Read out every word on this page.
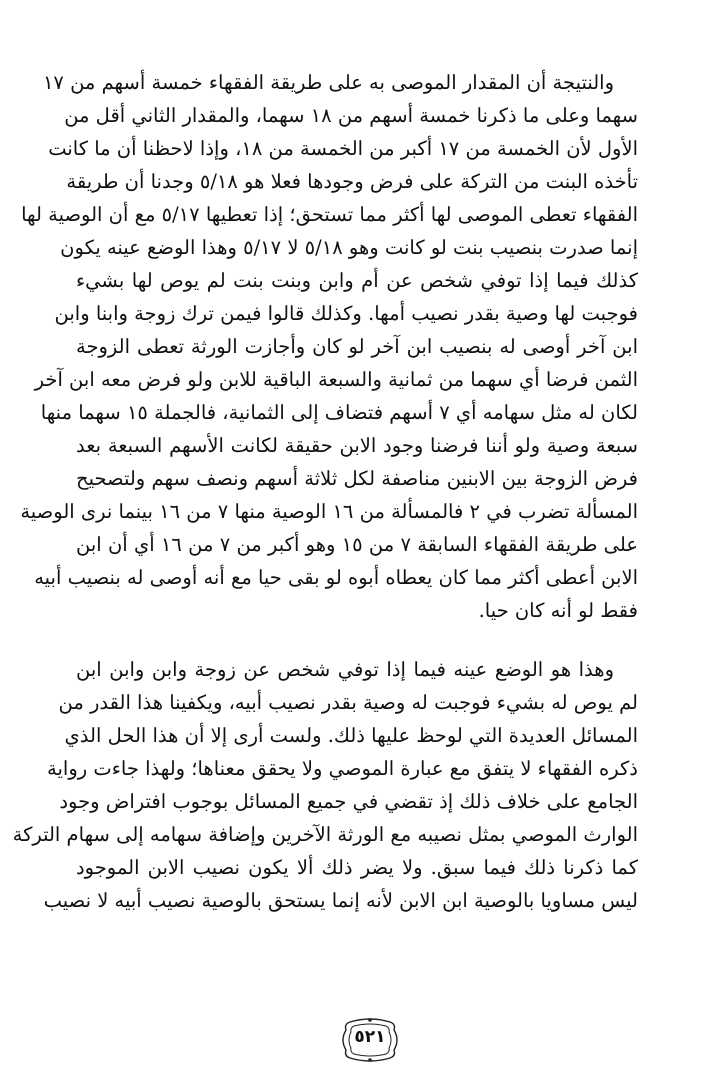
والنتيجة أن المقدار الموصى به على طريقة الفقهاء خمسة أسهم من ١٧
سهما وعلى ما ذكرنا خمسة أسهم من ١٨ سهما، والمقدار الثاني أقل من
الأول لأن الخمسة من ١٧ أكبر من الخمسة من ١٨، وإذا لاحظنا أن ما كانت
تأخذه البنت من التركة على فرض وجودها فعلا هو ٥/١٨ وجدنا أن طريقة
الفقهاء تعطى الموصى لها أكثر مما تستحق؛ إذا تعطيها ٥/١٧ مع أن الوصية لها
إنما صدرت بنصيب بنت لو كانت وهو ٥/١٨ لا ٥/١٧ وهذا الوضع عينه يكون
كذلك فيما إذا توفي شخص عن أم وابن وبنت بنت لم يوص لها بشيء
فوجبت لها وصية بقدر نصيب أمها. وكذلك قالوا فيمن ترك زوجة وابنا وابن
ابن آخر أوصى له بنصيب ابن آخر لو كان وأجازت الورثة تعطى الزوجة
الثمن فرضا أي سهما من ثمانية والسبعة الباقية للابن ولو فرض معه ابن آخر
لكان له مثل سهامه أي ٧ أسهم فتضاف إلى الثمانية، فالجملة ١٥ سهما منها
سبعة وصية ولو أننا فرضنا وجود الابن حقيقة لكانت الأسهم السبعة بعد
فرض الزوجة بين الابنين مناصفة لكل ثلاثة أسهم ونصف سهم ولتصحيح
المسألة تضرب في ٢ فالمسألة من ١٦ الوصية منها ٧ من ١٦ بينما نرى الوصية
على طريقة الفقهاء السابقة ٧ من ١٥ وهو أكبر من ٧ من ١٦ أي أن ابن
الابن أعطى أكثر مما كان يعطاه أبوه لو بقى حيا مع أنه أوصى له بنصيب أبيه
فقط لو أنه كان حيا.
وهذا هو الوضع عينه فيما إذا توفي شخص عن زوجة وابن وابن ابن
لم يوص له بشيء فوجبت له وصية بقدر نصيب أبيه، ويكفينا هذا القدر من
المسائل العديدة التي لوحظ عليها ذلك. ولست أرى إلا أن هذا الحل الذي
ذكره الفقهاء لا يتفق مع عبارة الموصي ولا يحقق معناها؛ ولهذا جاءت رواية
الجامع على خلاف ذلك إذ تقضي في جميع المسائل بوجوب افتراض وجود
الوارث الموصي بمثل نصيبه مع الورثة الآخرين وإضافة سهامه إلى سهام التركة
كما ذكرنا ذلك فيما سبق. ولا يضر ذلك ألا يكون نصيب الابن الموجود
ليس مساويا بالوصية ابن الابن لأنه إنما يستحق بالوصية نصيب أبيه لا نصيب
٥٢١
